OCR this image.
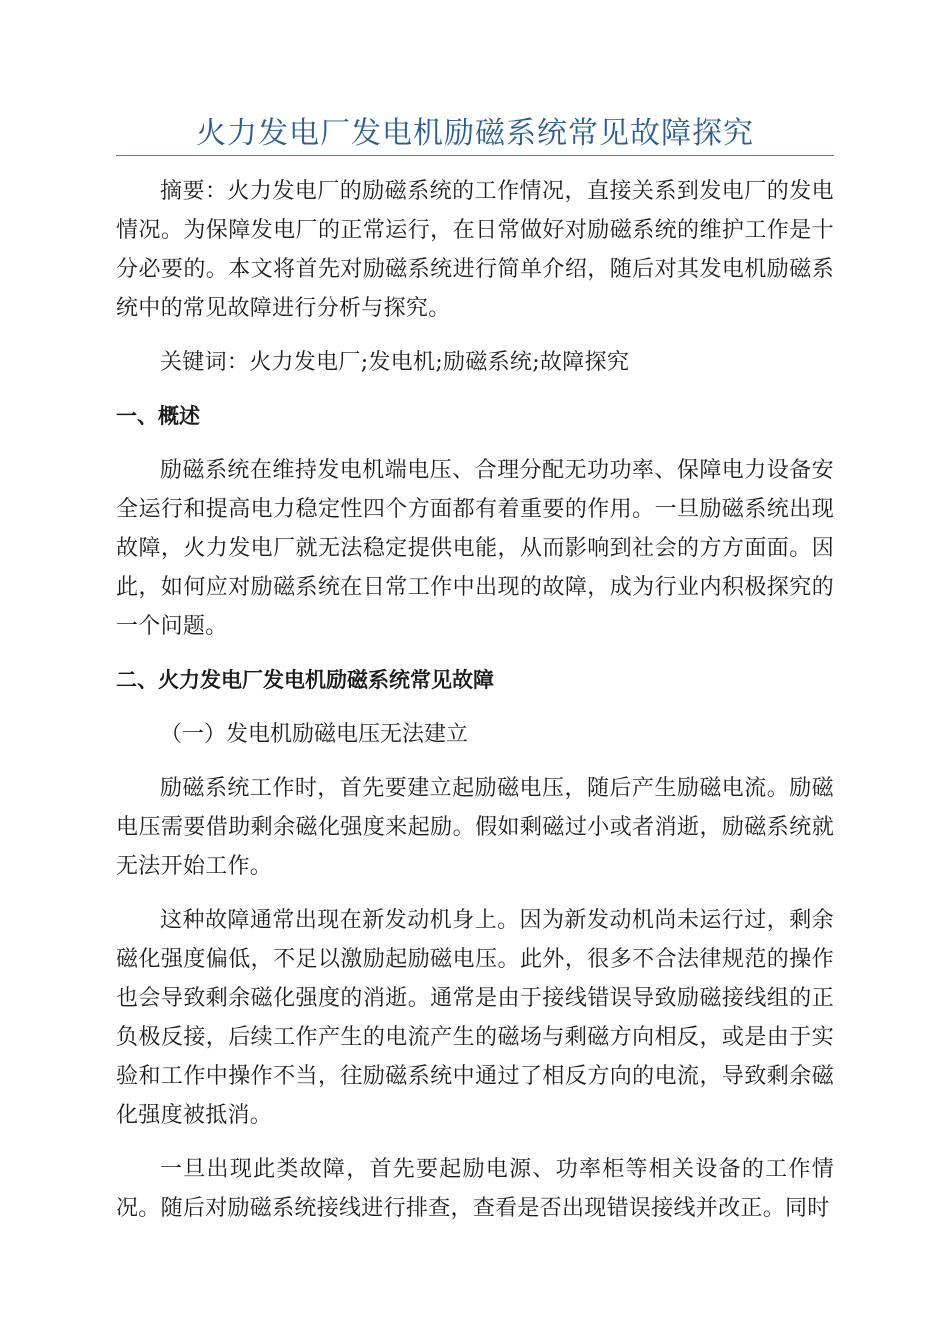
火力发电厂发电机励磁系统常见故障探究

摘要：火力发电厂的励磁系统的工作情况，直接关系到发电厂的发电情况。为保障发电厂的正常运行，在日常做好对励磁系统的维护工作是十分必要的。本文将首先对励磁系统进行简单介绍，随后对其发电机励磁系统中的常见故障进行分析与探究。

关键词：火力发电厂;发电机;励磁系统;故障探究

一、概述

励磁系统在维持发电机端电压、合理分配无功功率、保障电力设备安全运行和提高电力稳定性四个方面都有着重要的作用。一旦励磁系统出现故障，火力发电厂就无法稳定提供电能，从而影响到社会的方方面面。因此，如何应对励磁系统在日常工作中出现的故障，成为行业内积极探究的一个问题。

二、火力发电厂发电机励磁系统常见故障

（一）发电机励磁电压无法建立

励磁系统工作时，首先要建立起励磁电压，随后产生励磁电流。励磁电压需要借助剩余磁化强度来起励。假如剩磁过小或者消逝，励磁系统就无法开始工作。

这种故障通常出现在新发动机身上。因为新发动机尚未运行过，剩余磁化强度偏低，不足以激励起励磁电压。此外，很多不合法律规范的操作也会导致剩余磁化强度的消逝。通常是由于接线错误导致励磁接线组的正负极反接，后续工作产生的电流产生的磁场与剩磁方向相反，或是由于实验和工作中操作不当，往励磁系统中通过了相反方向的电流，导致剩余磁化强度被抵消。

一旦出现此类故障，首先要起励电源、功率柜等相关设备的工作情况。随后对励磁系统接线进行排查，查看是否出现错误接线并改正。同时
